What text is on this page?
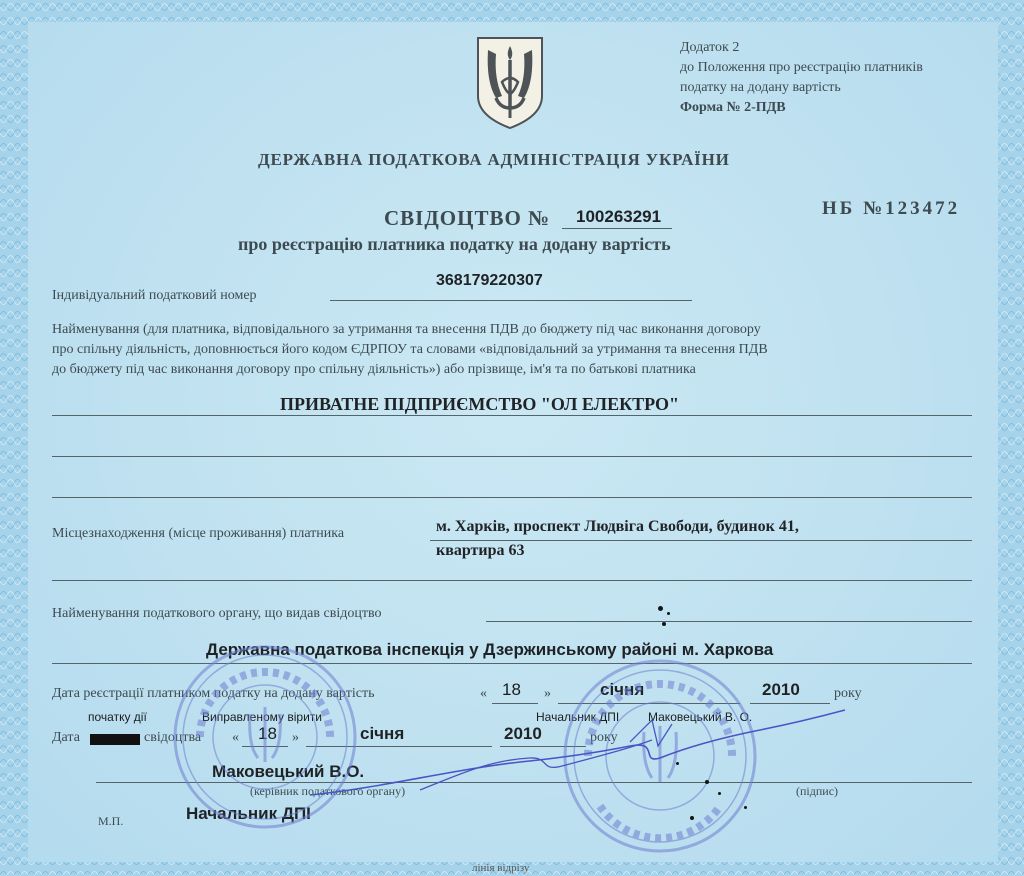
Додаток 2
до Положення про реєстрацію платників
податку на додану вартість
Форма № 2-ПДВ
ДЕРЖАВНА ПОДАТКОВА АДМІНІСТРАЦІЯ УКРАЇНИ
СВІДОЦТВО № 100263291	НБ №123472
про реєстрацію платника податку на додану вартість
Індивідуальний податковий номер
368179220307
Найменування (для платника, відповідального за утримання та внесення ПДВ до бюджету під час виконання договору
про спільну діяльність, доповнюється його кодом ЄДРПОУ та словами «відповідальний за утримання та внесення ПДВ
до бюджету під час виконання договору про спільну діяльність») або прізвище, ім'я та по батькові платника
ПРИВАТНЕ ПІДПРИЄМСТВО "ОЛ ЕЛЕКТРО"
Місцезнаходження (місце проживання) платника	м. Харків, проспект Людвіга Свободи, будинок 41,
квартира 63
Найменування податкового органу, що видав свідоцтво
Державна податкова інспекція у Дзержинському районі м. Харкова
Дата реєстрації платником податку на додану вартість	« 18 »	січня	2010 року
початку дії	Виправленому вірити	Начальник ДПІ Маковецький В. О.
Дата	свідоцтва « 18 »	січня	2010	року
Маковецький В.О.
(керівник податкового органу)	(підпис)
Начальник ДПІ
М.П.
лінія відрізу
